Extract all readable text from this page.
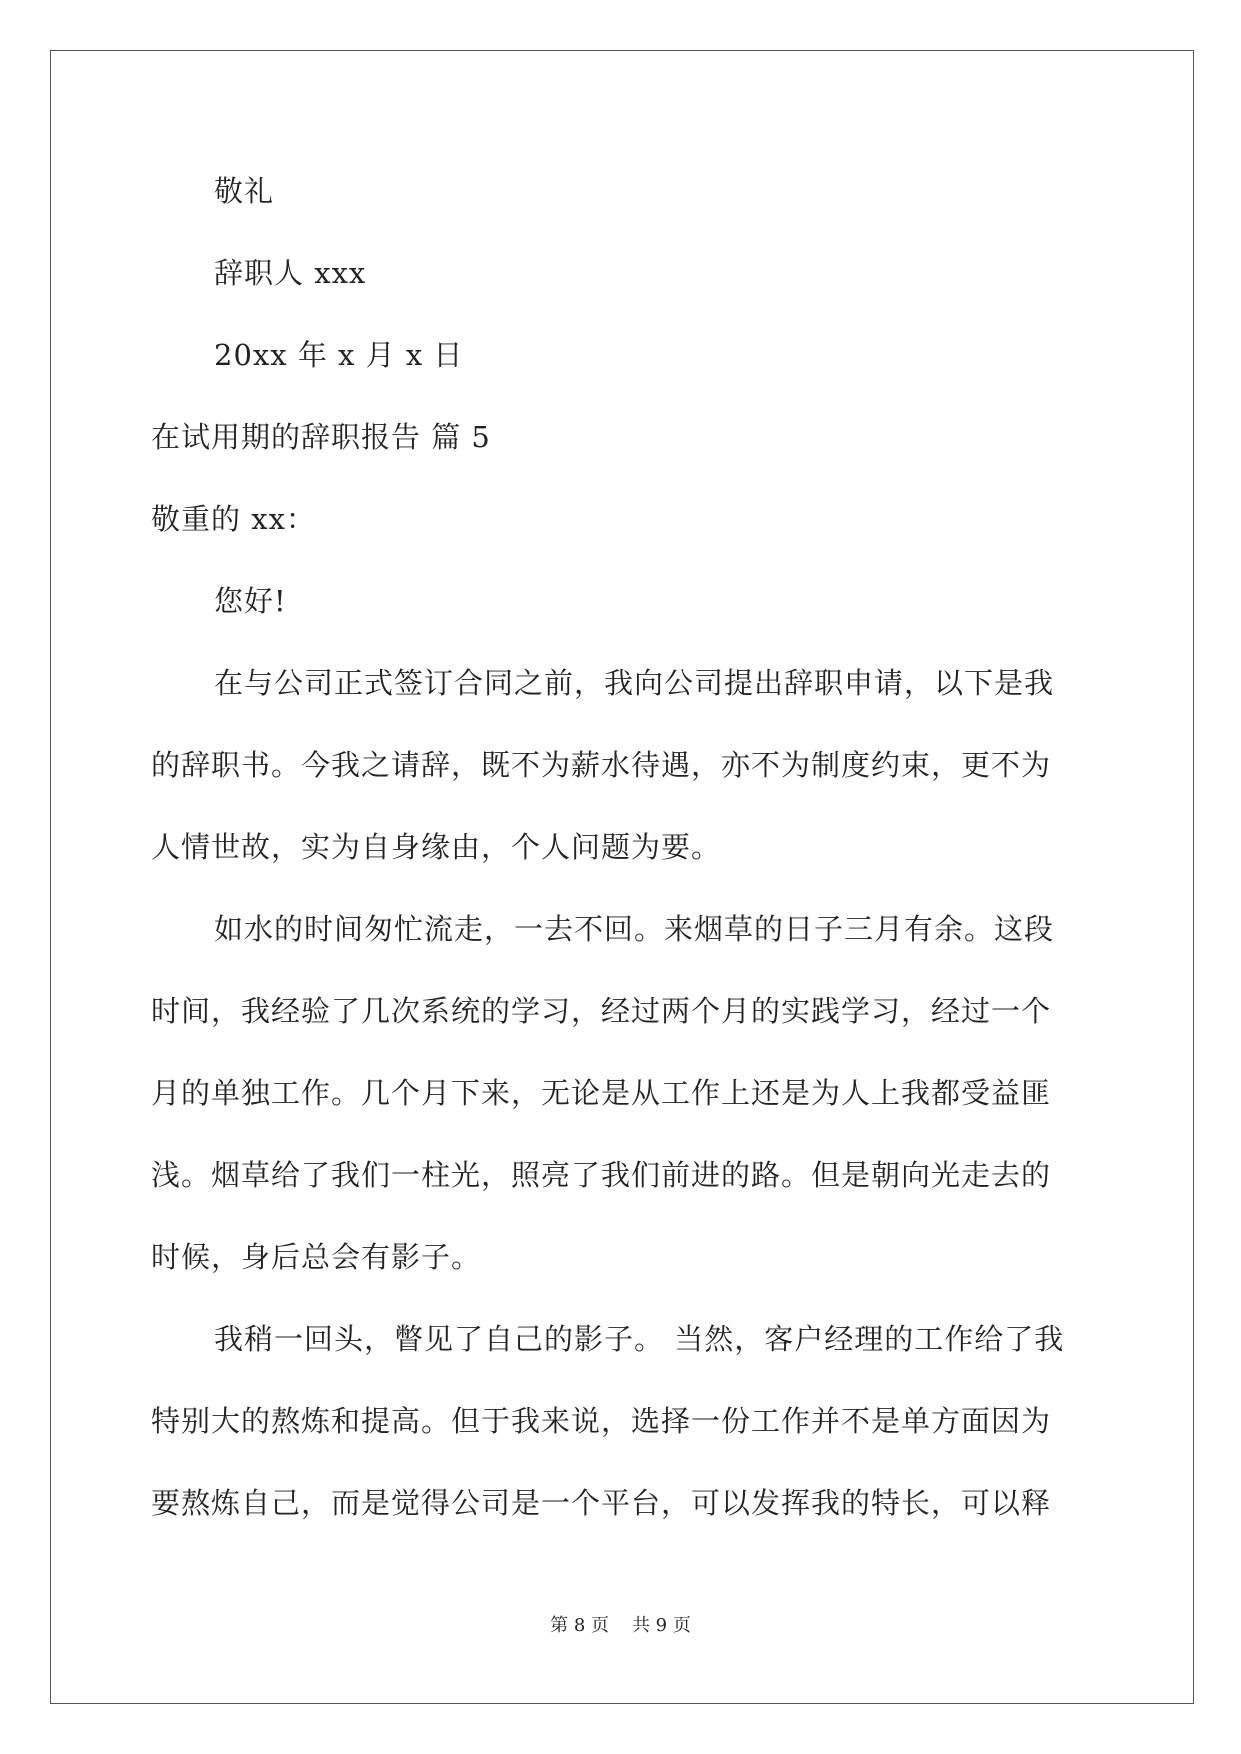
敬礼
辞职人 xxx
20xx 年 x 月 x 日
在试用期的辞职报告 篇 5
敬重的 xx：
您好!
在与公司正式签订合同之前，我向公司提出辞职申请，以下是我
的辞职书。今我之请辞，既不为薪水待遇，亦不为制度约束，更不为
人情世故，实为自身缘由，个人问题为要。
如水的时间匆忙流走，一去不回。来烟草的日子三月有余。这段
时间，我经验了几次系统的学习，经过两个月的实践学习，经过一个
月的单独工作。几个月下来，无论是从工作上还是为人上我都受益匪
浅。烟草给了我们一柱光，照亮了我们前进的路。但是朝向光走去的
时候，身后总会有影子。
我稍一回头，瞥见了自己的影子。 当然，客户经理的工作给了我
特别大的熬炼和提高。但于我来说，选择一份工作并不是单方面因为
要熬炼自己，而是觉得公司是一个平台，可以发挥我的特长，可以释
第 8 页    共 9 页
